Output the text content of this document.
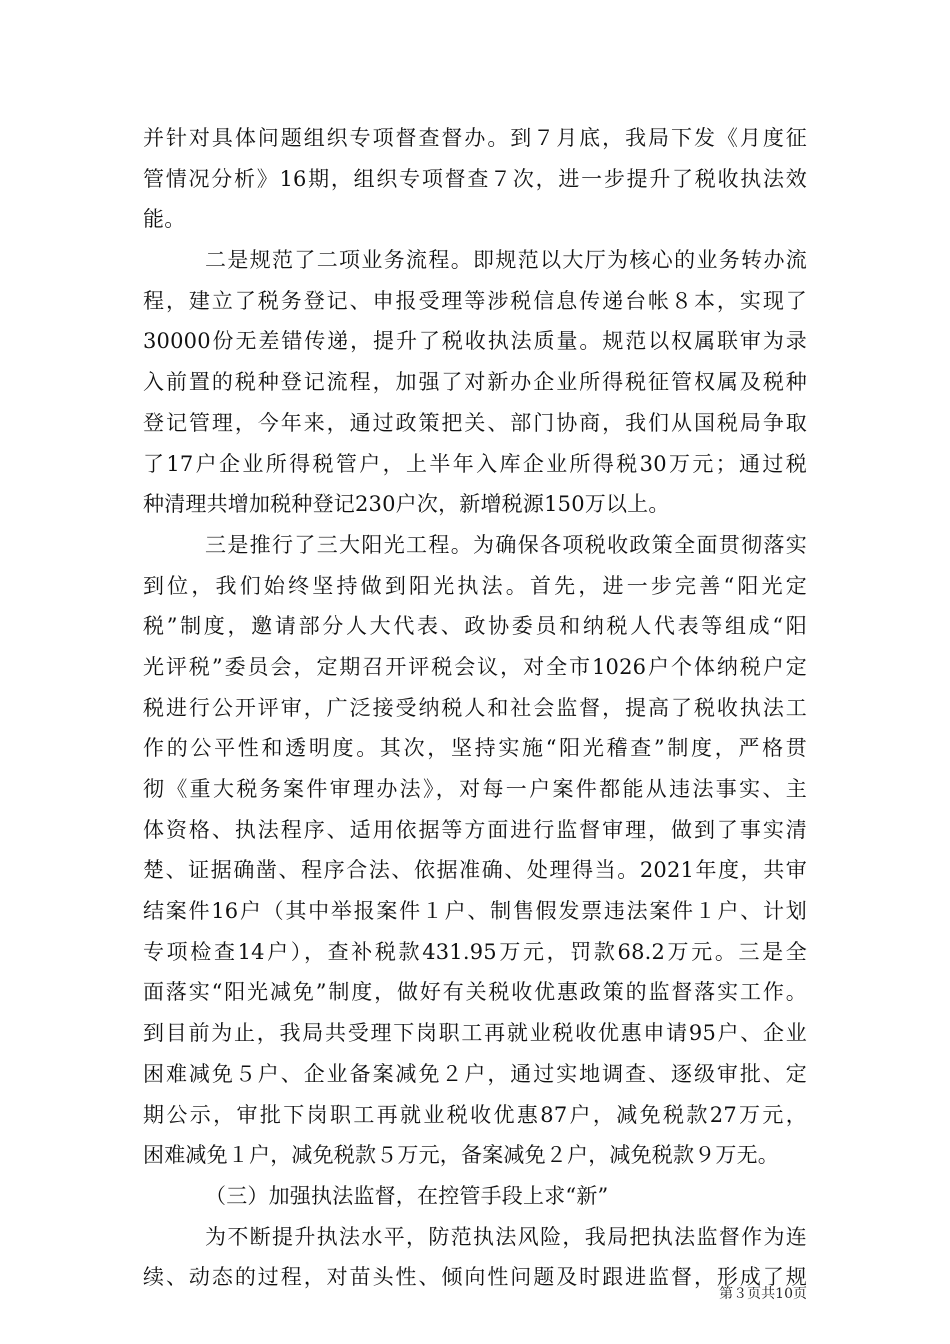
并针对具体问题组织专项督查督办。到７月底，我局下发《月度征
管情况分析》16期，组织专项督查７次，进一步提升了税收执法效
能。
二是规范了二项业务流程。即规范以大厅为核心的业务转办流
程，建立了税务登记、申报受理等涉税信息传递台帐８本，实现了
30000份无差错传递，提升了税收执法质量。规范以权属联审为录
入前置的税种登记流程，加强了对新办企业所得税征管权属及税种
登记管理，今年来，通过政策把关、部门协商，我们从国税局争取
了17户企业所得税管户，上半年入库企业所得税30万元；通过税
种清理共增加税种登记230户次，新增税源150万以上。
三是推行了三大阳光工程。为确保各项税收政策全面贯彻落实
到位，我们始终坚持做到阳光执法。首先，进一步完善“阳光定
税”制度，邀请部分人大代表、政协委员和纳税人代表等组成“阳
光评税”委员会，定期召开评税会议，对全市1026户个体纳税户定
税进行公开评审，广泛接受纳税人和社会监督，提高了税收执法工
作的公平性和透明度。其次，坚持实施“阳光稽查”制度，严格贯
彻《重大税务案件审理办法》，对每一户案件都能从违法事实、主
体资格、执法程序、适用依据等方面进行监督审理，做到了事实清
楚、证据确凿、程序合法、依据准确、处理得当。2021年度，共审
结案件16户（其中举报案件１户、制售假发票违法案件１户、计划
专项检查14户），查补税款431.95万元，罚款68.2万元。三是全
面落实“阳光减免”制度，做好有关税收优惠政策的监督落实工作。
到目前为止，我局共受理下岗职工再就业税收优惠申请95户、企业
困难减免５户、企业备案减免２户，通过实地调查、逐级审批、定
期公示，审批下岗职工再就业税收优惠87户，减免税款27万元，
困难减免１户，减免税款５万元，备案减免２户，减免税款９万无。
（三）加强执法监督，在控管手段上求“新”
为不断提升执法水平，防范执法风险，我局把执法监督作为连
续、动态的过程，对苗头性、倾向性问题及时跟进监督，形成了规
第３页共10页
